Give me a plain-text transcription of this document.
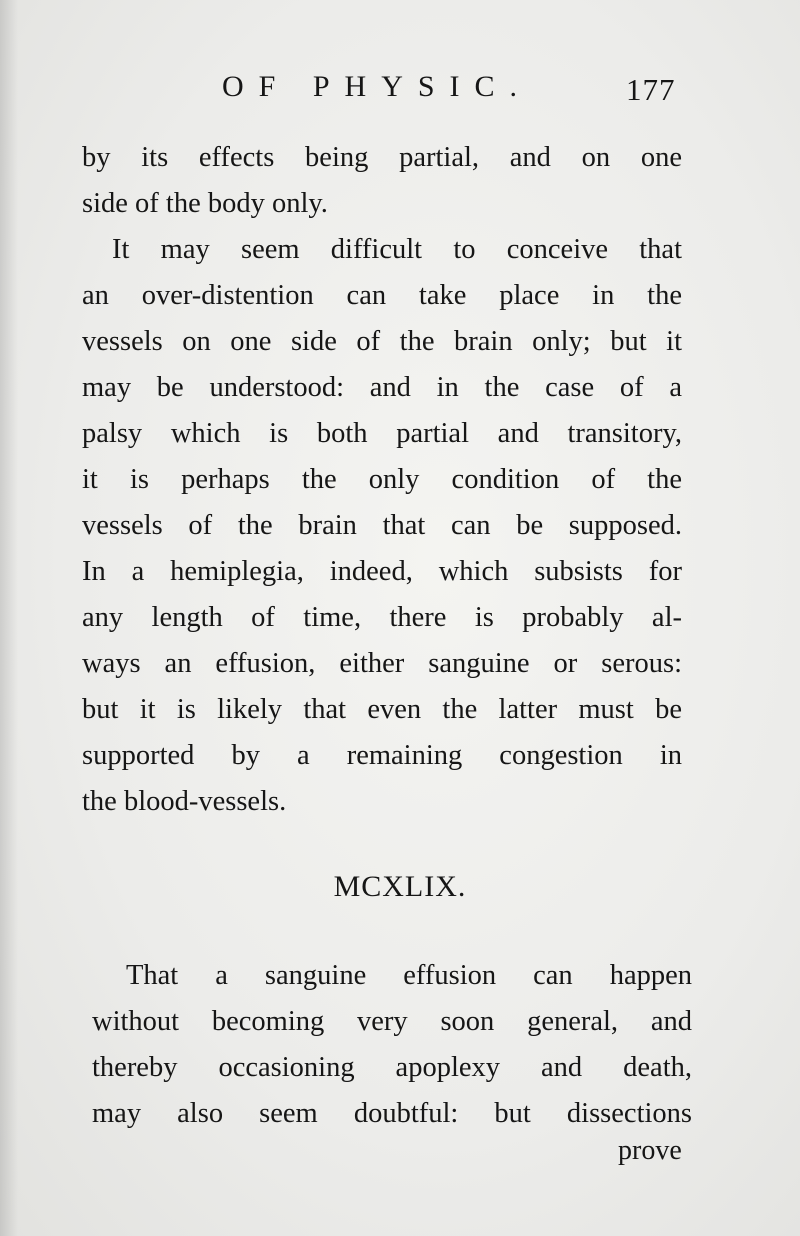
OF PHYSIC.	177
by its effects being partial, and on one
side of the body only.
It may seem difficult to conceive that
an over-distention can take place in the
vessels on one side of the brain only; but it
may be understood: and in the case of a
palsy which is both partial and transitory,
it is perhaps the only condition of the
vessels of the brain that can be supposed.
In a hemiplegia, indeed, which subsists for
any length of time, there is probably al-
ways an effusion, either sanguine or serous:
but it is likely that even the latter must be
supported by a remaining congestion in
the blood-vessels.
MCXLIX.
That a sanguine effusion can happen
without becoming very soon general, and
thereby occasioning apoplexy and death,
may also seem doubtful: but dissections
prove
